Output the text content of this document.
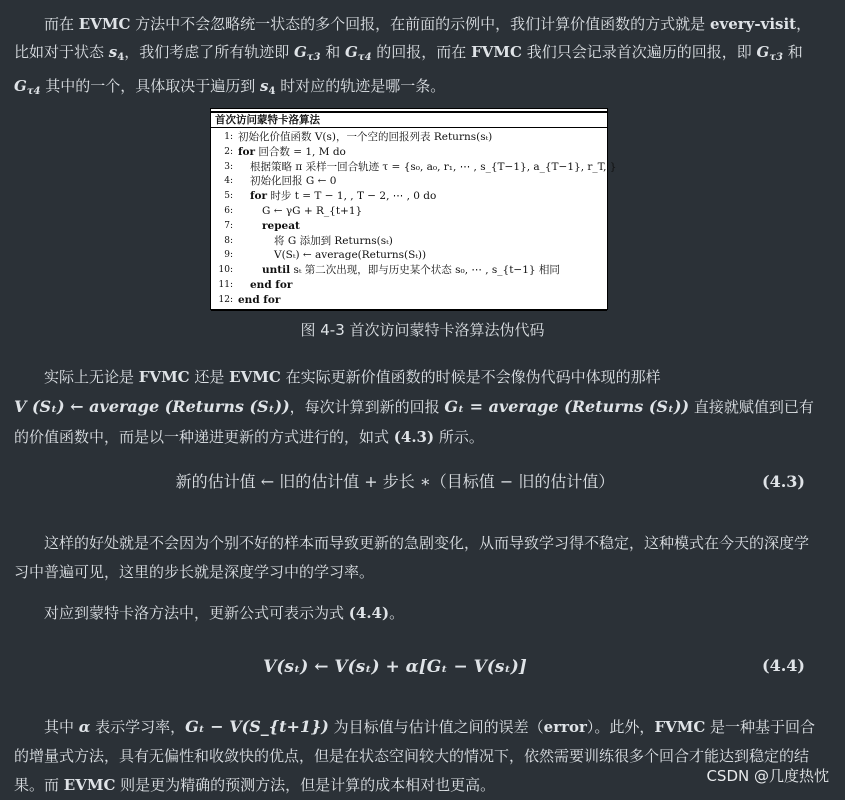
而在 EVMC 方法中不会忽略统一状态的多个回报，在前面的示例中，我们计算价值函数的方式就是 every-visit，比如对于状态 $s_4$，我们考虑了所有轨迹即 $G_{\tau 3}$ 和 $G_{\tau 4}$ 的回报，而在 FVMC 我们只会记录首次遍历的回报，即 $G_{\tau 3}$ 和 $G_{\tau 4}$ 其中的一个，具体取决于遍历到 $s_4$ 时对应的轨迹是哪一条。

首次访问蒙特卡洛算法
1: 初始化价值函数 V(s)，一个空的回报列表 Returns(sₜ)
2: for 回合数 = 1, M do
3:	根据策略 π 采样一回合轨迹 τ = {s₀, a₀, r₁, ⋯ , s_{T−1}, a_{T−1}, r_T, }
4:	初始化回报 G ← 0
5:	for 时步 t = T − 1, , T − 2, ⋯ , 0 do
6:	G ← γG + R_{t+1}
7:	repeat
8:	将 G 添加到 Returns(sₜ)
9:	V(Sₜ) ← average(Returns(Sₜ))
10:	until sₜ 第二次出现，即与历史某个状态 s₀, ⋯ , s_{t−1} 相同
11:	end for
12: end for
图 4-3 首次访问蒙特卡洛算法伪代码

实际上无论是 FVMC 还是 EVMC 在实际更新价值函数的时候是不会像伪代码中体现的那样
V (Sₜ) ← average (Returns (Sₜ))，每次计算到新的回报 Gₜ = average (Returns (Sₜ)) 直接就赋值到已有的价值函数中，而是以一种递进更新的方式进行的，如式 (4.3) 所示。

新的估计值 ← 旧的估计值 + 步长 ∗（目标值 − 旧的估计值）	(4.3)

这样的好处就是不会因为个别不好的样本而导致更新的急剧变化，从而导致学习得不稳定，这种模式在今天的深度学习中普遍可见，这里的步长就是深度学习中的学习率。

对应到蒙特卡洛方法中，更新公式可表示为式 (4.4)。

V(sₜ) ← V(sₜ) + α[Gₜ − V(sₜ)]	(4.4)

其中 α 表示学习率，Gₜ − V(S_{t+1}) 为目标值与估计值之间的误差（error）。此外，FVMC 是一种基于回合的增量式方法，具有无偏性和收敛快的优点，但是在状态空间较大的情况下，依然需要训练很多个回合才能达到稳定的结果。而 EVMC 则是更为精确的预测方法，但是计算的成本相对也更高。

CSDN @几度热忱
